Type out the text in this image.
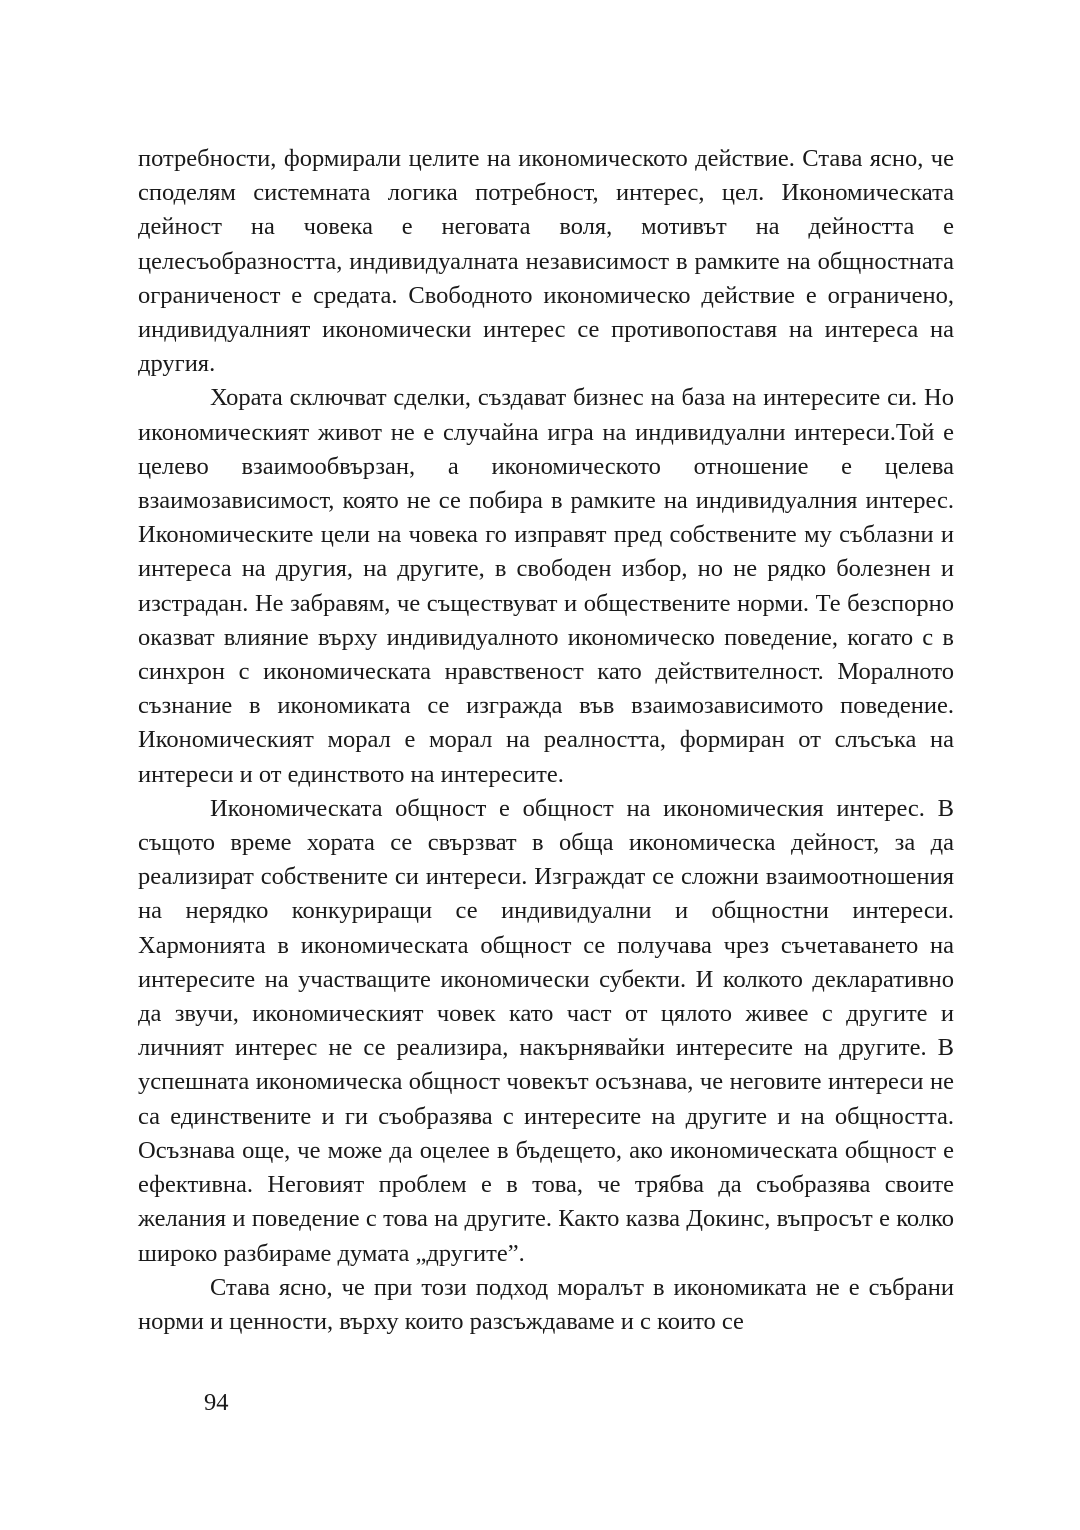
потребности, формирали целите на икономическото действие. Става ясно, че споделям системната логика потребност, интерес, цел. Икономическата дейност на човека е неговата воля, мотивът на дейността е целесъобразността, индивидуалната независимост в рамките на общностната ограниченост е средата. Свободното икономическо действие е ограничено, индивидуалният икономически интерес се противопоставя на интереса на другия.

Хората сключват сделки, създават бизнес на база на интересите си. Но икономическият живот не е случайна игра на индивидуални интереси.Той е целево взаимообвързан, а икономическото отношение е целева взаимозависимост, която не се побира в рамките на индивидуалния интерес. Икономическите цели на човека го изправят пред собствените му съблазни и интереса на другия, на другите, в свободен избор, но не рядко болезнен и изстрадан. Не забравям, че съществуват и обществените норми. Те безспорно оказват влияние върху индивидуалното икономическо поведение, когато с в синхрон с икономическата нравственост като действителност. Моралното съзнание в икономиката се изгражда във взаимозависимото поведение. Икономическият морал е морал на реалността, формиран от слъсъка на интереси и от единството на интересите.

Икономическата общност е общност на икономическия интерес. В същото време хората се свързват в обща икономическа дейност, за да реализират собствените си интереси. Изграждат се сложни взаимоотношения на нерядко конкуриращи се индивидуални и общностни интереси. Хармонията в икономическата общност се получава чрез съчетаването на интересите на участващите икономически субекти. И колкото декларативно да звучи, икономическият човек като част от цялото живее с другите и личният интерес не се реализира, накърнявайки интересите на другите. В успешната икономическа общност човекът осъзнава, че неговите интереси не са единствените и ги съобразява с интересите на другите и на общността. Осъзнава още, че може да оцелее в бъдещето, ако икономическата общност е ефективна. Неговият проблем е в това, че трябва да съобразява своите желания и поведение с това на другите. Както казва Докинс, въпросът е колко широко разбираме думата „другите”.

Става ясно, че при този подход моралът в икономиката не е събрани норми и ценности, върху които разсъждаваме и с които се

94
